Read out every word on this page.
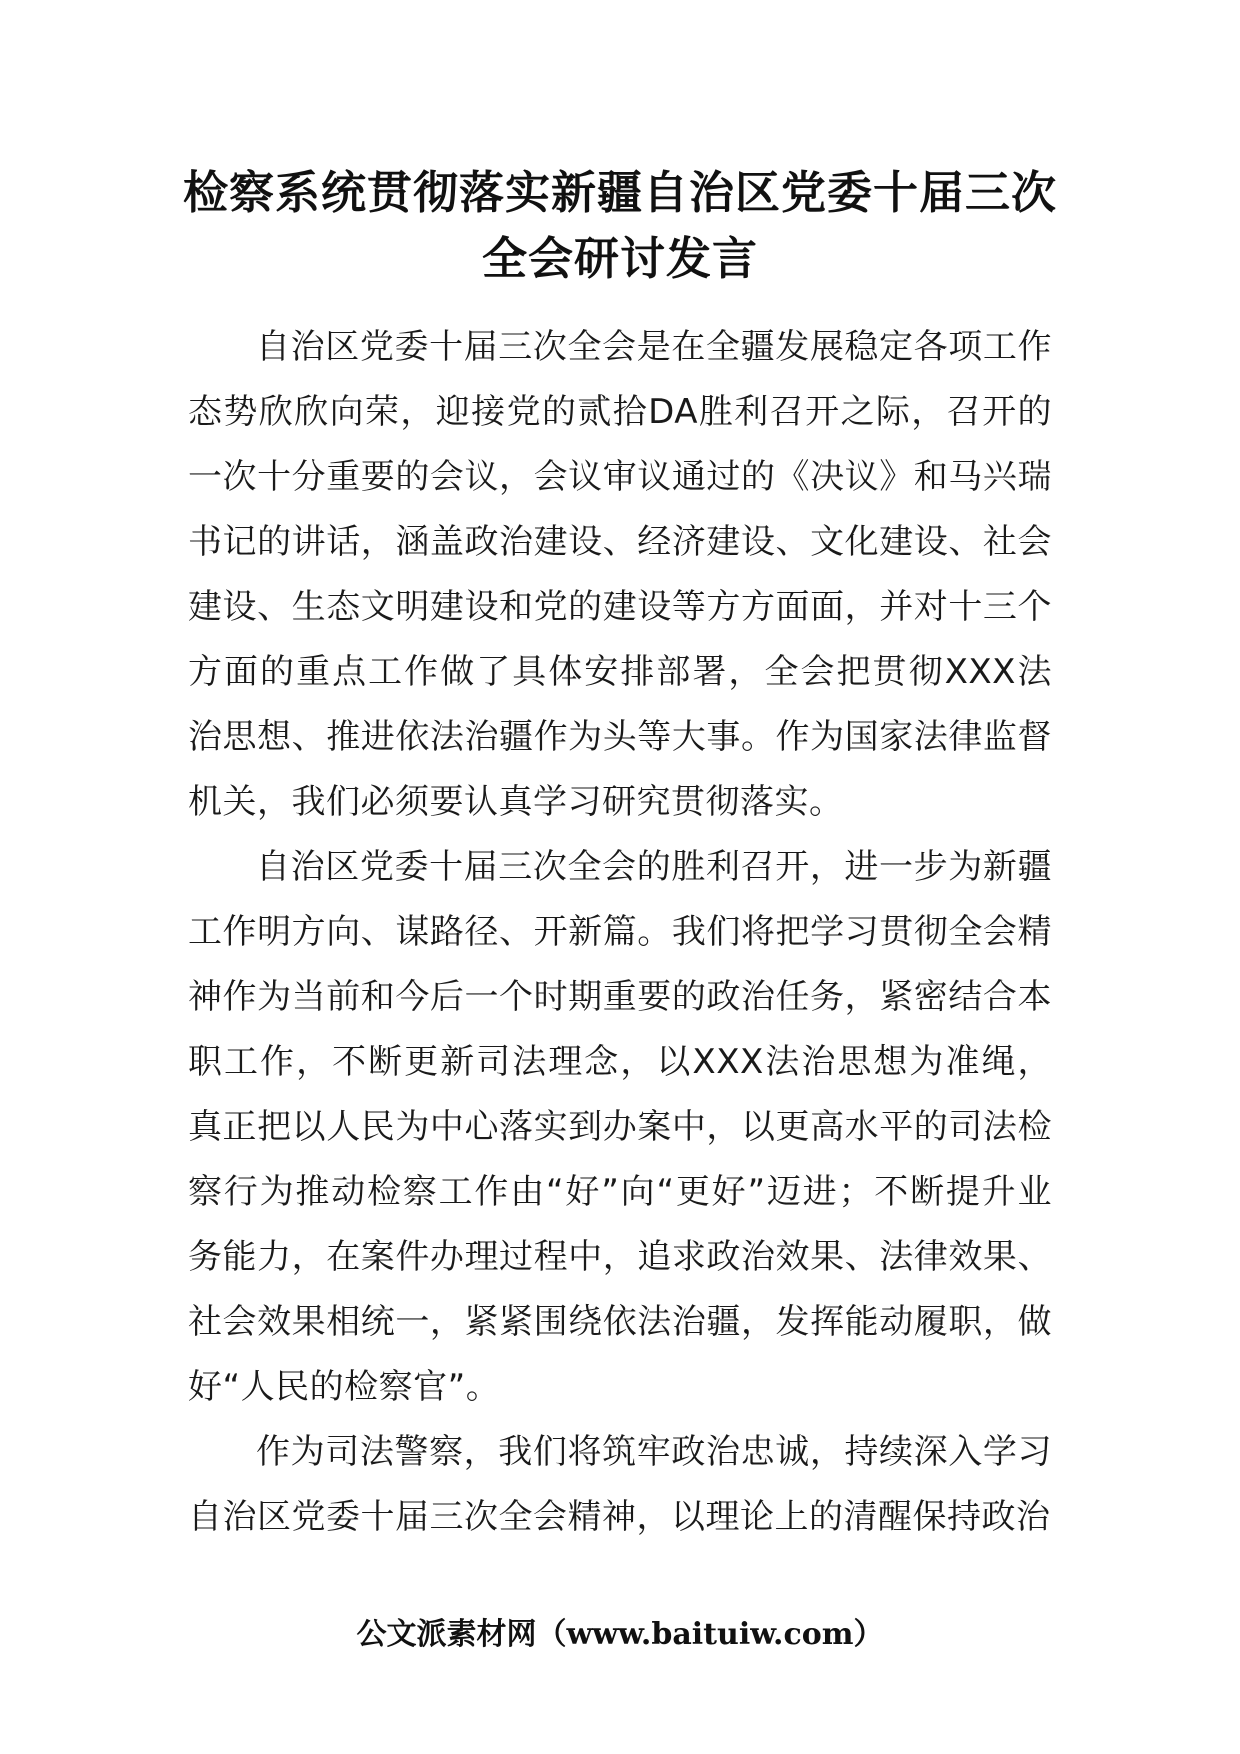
检察系统贯彻落实新疆自治区党委十届三次全会研讨发言

自治区党委十届三次全会是在全疆发展稳定各项工作态势欣欣向荣，迎接党的贰拾DA胜利召开之际，召开的一次十分重要的会议，会议审议通过的《决议》和马兴瑞书记的讲话，涵盖政治建设、经济建设、文化建设、社会建设、生态文明建设和党的建设等方方面面，并对十三个方面的重点工作做了具体安排部署，全会把贯彻XXX法治思想、推进依法治疆作为头等大事。作为国家法律监督机关，我们必须要认真学习研究贯彻落实。

自治区党委十届三次全会的胜利召开，进一步为新疆工作明方向、谋路径、开新篇。我们将把学习贯彻全会精神作为当前和今后一个时期重要的政治任务，紧密结合本职工作，不断更新司法理念，以XXX法治思想为准绳，真正把以人民为中心落实到办案中，以更高水平的司法检察行为推动检察工作由“好”向“更好”迈进；不断提升业务能力，在案件办理过程中，追求政治效果、法律效果、社会效果相统一，紧紧围绕依法治疆，发挥能动履职，做好“人民的检察官”。

作为司法警察，我们将筑牢政治忠诚，持续深入学习自治区党委十届三次全会精神，以理论上的清醒保持政治

公文派素材网（www.baituiw.com）
